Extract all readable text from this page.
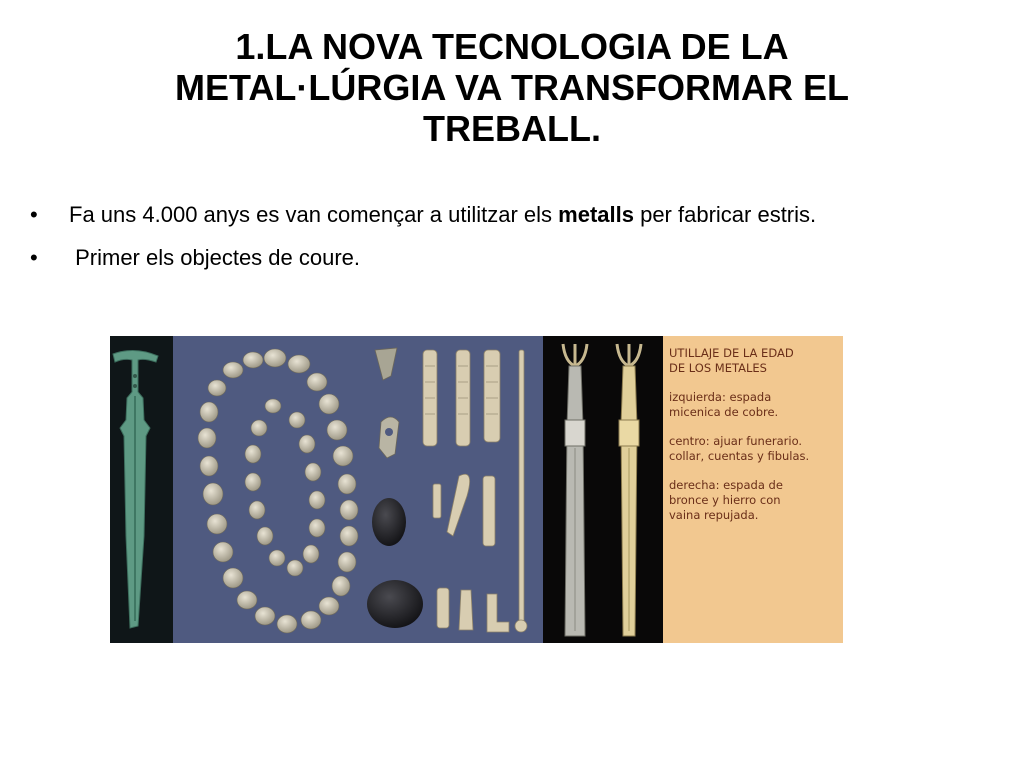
1.LA NOVA TECNOLOGIA DE LA
METAL·LÚRGIA VA TRANSFORMAR EL
TREBALL.
• Fa uns 4.000 anys es van començar a utilitzar els metalls per fabricar estris.
• Primer els objectes de coure.
UTILLAJE DE LA EDAD
DE LOS METALES
izquierda: espada
micenica de cobre.
centro: ajuar funerario.
collar, cuentas y fibulas.
derecha: espada de
bronce y hierro con
vaina repujada.
